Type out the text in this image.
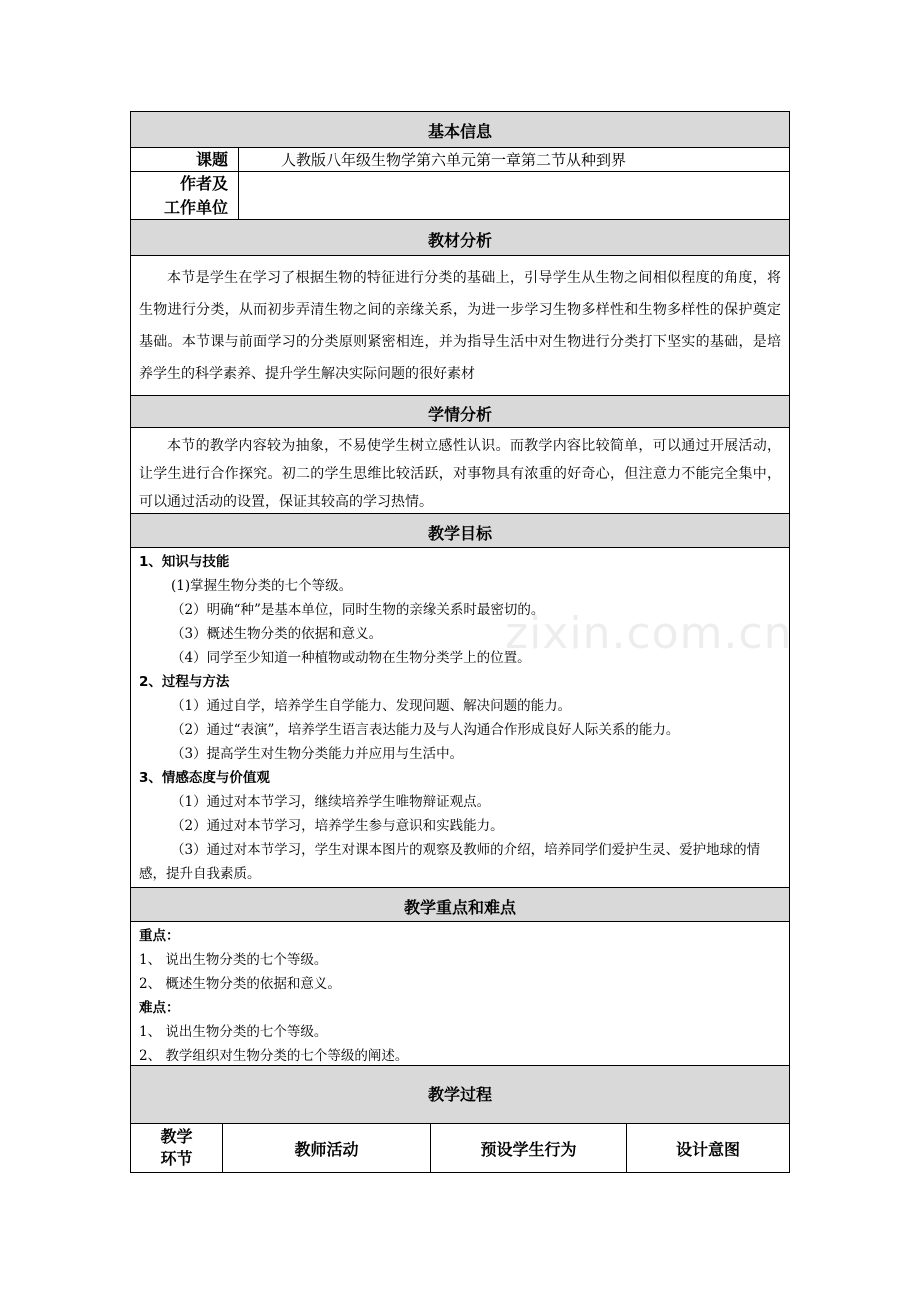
zixin.com.cn
基本信息
课题	人教版八年级生物学第六单元第一章第二节从种到界
作者及
工作单位
教材分析
本节是学生在学习了根据生物的特征进行分类的基础上，引导学生从生物之间相似程度的角度，将生物进行分类，从而初步弄清生物之间的亲缘关系，为进一步学习生物多样性和生物多样性的保护奠定基础。本节课与前面学习的分类原则紧密相连，并为指导生活中对生物进行分类打下坚实的基础，是培养学生的科学素养、提升学生解决实际问题的很好素材
学情分析
本节的教学内容较为抽象，不易使学生树立感性认识。而教学内容比较简单，可以通过开展活动，让学生进行合作探究。初二的学生思维比较活跃，对事物具有浓重的好奇心，但注意力不能完全集中，可以通过活动的设置，保证其较高的学习热情。
教学目标
1、知识与技能
(1)掌握生物分类的七个等级。
（2）明确“种”是基本单位，同时生物的亲缘关系时最密切的。
（3）概述生物分类的依据和意义。
（4）同学至少知道一种植物或动物在生物分类学上的位置。
2、过程与方法
（1）通过自学，培养学生自学能力、发现问题、解决问题的能力。
（2）通过“表演”，培养学生语言表达能力及与人沟通合作形成良好人际关系的能力。
（3）提高学生对生物分类能力并应用与生活中。
3、情感态度与价值观
（1）通过对本节学习，继续培养学生唯物辩证观点。
（2）通过对本节学习，培养学生参与意识和实践能力。
（3）通过对本节学习，学生对课本图片的观察及教师的介绍，培养同学们爱护生灵、爱护地球的情感，提升自我素质。
教学重点和难点
重点：
1、 说出生物分类的七个等级。
2、 概述生物分类的依据和意义。
难点：
1、 说出生物分类的七个等级。
2、 教学组织对生物分类的七个等级的阐述。
教学过程
教学
环节	教师活动	预设学生行为	设计意图
